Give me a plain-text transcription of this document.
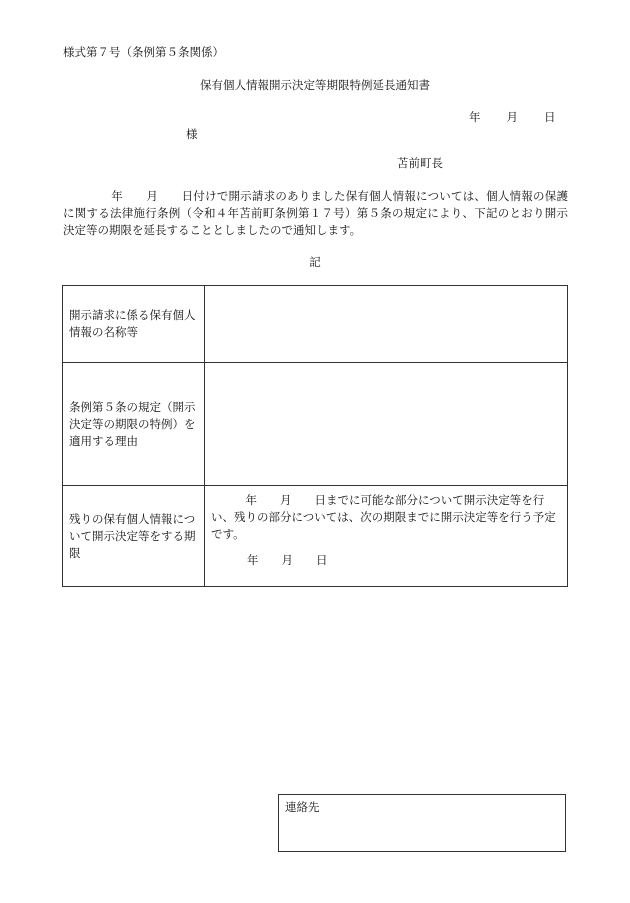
様式第７号（条例第５条関係）
保有個人情報開示決定等期限特例延長通知書
年 月 日
様
苫前町長
年　　月　　日付けで開示請求のありました保有個人情報については、個人情報の保護に関する法律施行条例（令和４年苫前町条例第１７号）第５条の規定により、下記のとおり開示決定等の期限を延長することとしましたので通知します。
記
開示請求に係る保有個人情報の名称等	
条例第５条の規定（開示決定等の期限の特例）を適用する理由	
残りの保有個人情報について開示決定等をする期限	年　　月　　日までに可能な部分について開示決定等を行い、残りの部分については、次の期限までに開示決定等を行う予定です。
年　　月　　日
連絡先
